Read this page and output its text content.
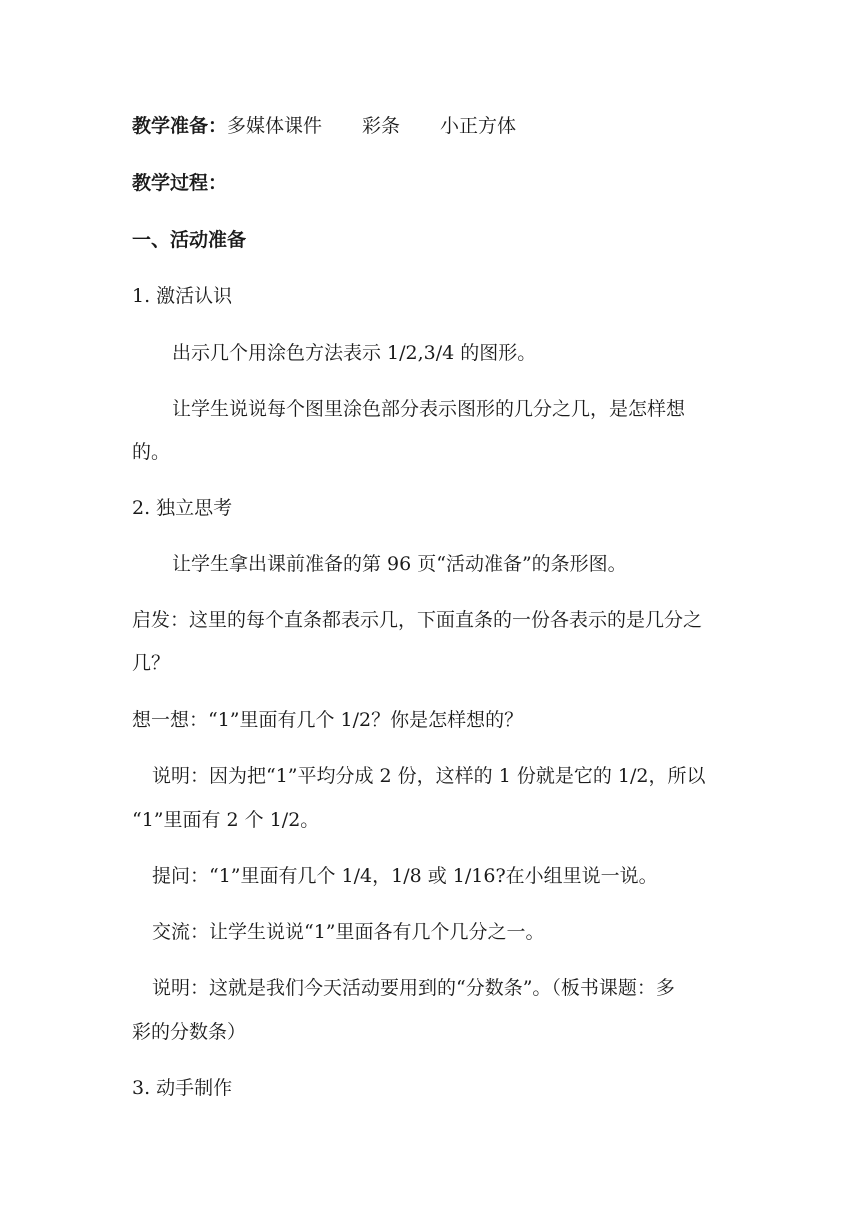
教学准备：多媒体课件 彩条 小正方体
教学过程：
一、活动准备
1. 激活认识
出示几个用涂色方法表示 1/2,3/4 的图形。
让学生说说每个图里涂色部分表示图形的几分之几，是怎样想
的。
2. 独立思考
让学生拿出课前准备的第 96 页“活动准备”的条形图。
启发：这里的每个直条都表示几，下面直条的一份各表示的是几分之
几？
想一想：“1”里面有几个 1/2？你是怎样想的？
说明：因为把“1”平均分成 2 份，这样的 1 份就是它的 1/2，所以
“1”里面有 2 个 1/2。
提问：“1”里面有几个 1/4，1/8 或 1/16?在小组里说一说。
交流：让学生说说“1”里面各有几个几分之一。
说明：这就是我们今天活动要用到的“分数条”。（板书课题：多
彩的分数条）
3. 动手制作
